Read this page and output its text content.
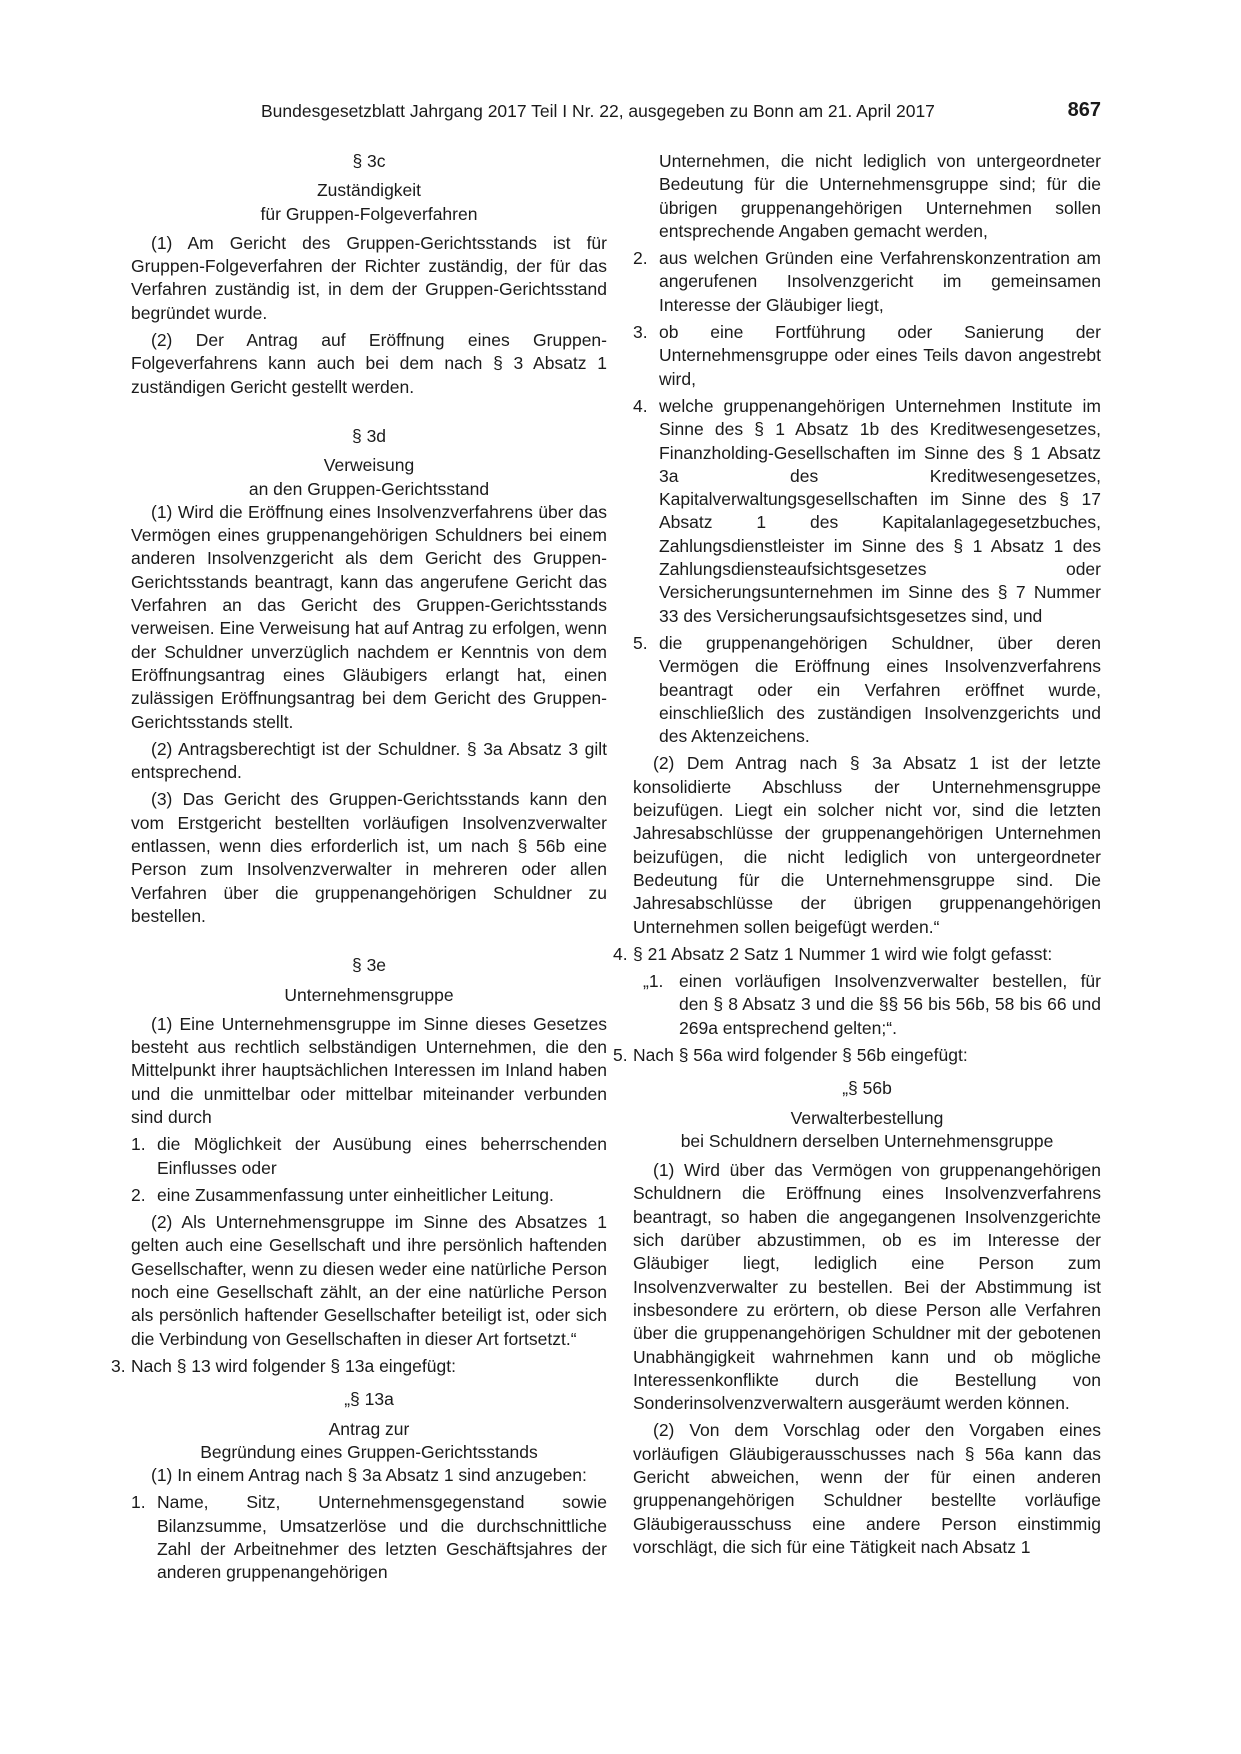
Bundesgesetzblatt Jahrgang 2017 Teil I Nr. 22, ausgegeben zu Bonn am 21. April 2017	867
§ 3c
Zuständigkeit
für Gruppen-Folgeverfahren

(1) Am Gericht des Gruppen-Gerichtsstands ist für Gruppen-Folgeverfahren der Richter zuständig, der für das Verfahren zuständig ist, in dem der Gruppen-Gerichtsstand begründet wurde.

(2) Der Antrag auf Eröffnung eines Gruppen-Folgeverfahrens kann auch bei dem nach § 3 Absatz 1 zuständigen Gericht gestellt werden.

§ 3d
Verweisung
an den Gruppen-Gerichtsstand

(1) Wird die Eröffnung eines Insolvenzverfahrens über das Vermögen eines gruppenangehörigen Schuldners bei einem anderen Insolvenzgericht als dem Gericht des Gruppen-Gerichtsstands beantragt, kann das angerufene Gericht das Verfahren an das Gericht des Gruppen-Gerichtsstands verweisen. Eine Verweisung hat auf Antrag zu erfolgen, wenn der Schuldner unverzüglich nachdem er Kenntnis von dem Eröffnungsantrag eines Gläubigers erlangt hat, einen zulässigen Eröffnungsantrag bei dem Gericht des Gruppen-Gerichtsstands stellt.

(2) Antragsberechtigt ist der Schuldner. § 3a Absatz 3 gilt entsprechend.

(3) Das Gericht des Gruppen-Gerichtsstands kann den vom Erstgericht bestellten vorläufigen Insolvenzverwalter entlassen, wenn dies erforderlich ist, um nach § 56b eine Person zum Insolvenzverwalter in mehreren oder allen Verfahren über die gruppenangehörigen Schuldner zu bestellen.

§ 3e
Unternehmensgruppe

(1) Eine Unternehmensgruppe im Sinne dieses Gesetzes besteht aus rechtlich selbständigen Unternehmen, die den Mittelpunkt ihrer hauptsächlichen Interessen im Inland haben und die unmittelbar oder mittelbar miteinander verbunden sind durch

1. die Möglichkeit der Ausübung eines beherrschenden Einflusses oder
2. eine Zusammenfassung unter einheitlicher Leitung.

(2) Als Unternehmensgruppe im Sinne des Absatzes 1 gelten auch eine Gesellschaft und ihre persönlich haftenden Gesellschafter, wenn zu diesen weder eine natürliche Person noch eine Gesellschaft zählt, an der eine natürliche Person als persönlich haftender Gesellschafter beteiligt ist, oder sich die Verbindung von Gesellschaften in dieser Art fortsetzt.“

3. Nach § 13 wird folgender § 13a eingefügt:
„§ 13a
Antrag zur
Begründung eines Gruppen-Gerichtsstands

(1) In einem Antrag nach § 3a Absatz 1 sind anzugeben:

1. Name, Sitz, Unternehmensgegenstand sowie Bilanzsumme, Umsatzerlöse und die durchschnittliche Zahl der Arbeitnehmer des letzten Geschäftsjahres der anderen gruppenangehörigen
Unternehmen, die nicht lediglich von untergeordneter Bedeutung für die Unternehmensgruppe sind; für die übrigen gruppenangehörigen Unternehmen sollen entsprechende Angaben gemacht werden,
2. aus welchen Gründen eine Verfahrenskonzentration am angerufenen Insolvenzgericht im gemeinsamen Interesse der Gläubiger liegt,
3. ob eine Fortführung oder Sanierung der Unternehmensgruppe oder eines Teils davon angestrebt wird,
4. welche gruppenangehörigen Unternehmen Institute im Sinne des § 1 Absatz 1b des Kreditwesengesetzes, Finanzholding-Gesellschaften im Sinne des § 1 Absatz 3a des Kreditwesengesetzes, Kapitalverwaltungsgesellschaften im Sinne des § 17 Absatz 1 des Kapitalanlagegesetzbuches, Zahlungsdienstleister im Sinne des § 1 Absatz 1 des Zahlungsdiensteaufsichtsgesetzes oder Versicherungsunternehmen im Sinne des § 7 Nummer 33 des Versicherungsaufsichtsgesetzes sind, und
5. die gruppenangehörigen Schuldner, über deren Vermögen die Eröffnung eines Insolvenzverfahrens beantragt oder ein Verfahren eröffnet wurde, einschließlich des zuständigen Insolvenzgerichts und des Aktenzeichens.

(2) Dem Antrag nach § 3a Absatz 1 ist der letzte konsolidierte Abschluss der Unternehmensgruppe beizufügen. Liegt ein solcher nicht vor, sind die letzten Jahresabschlüsse der gruppenangehörigen Unternehmen beizufügen, die nicht lediglich von untergeordneter Bedeutung für die Unternehmensgruppe sind. Die Jahresabschlüsse der übrigen gruppenangehörigen Unternehmen sollen beigefügt werden.“

4. § 21 Absatz 2 Satz 1 Nummer 1 wird wie folgt gefasst:
„1. einen vorläufigen Insolvenzverwalter bestellen, für den § 8 Absatz 3 und die §§ 56 bis 56b, 58 bis 66 und 269a entsprechend gelten;“.
5. Nach § 56a wird folgender § 56b eingefügt:
„§ 56b
Verwalterbestellung
bei Schuldnern derselben Unternehmensgruppe

(1) Wird über das Vermögen von gruppenangehörigen Schuldnern die Eröffnung eines Insolvenzverfahrens beantragt, so haben die angegangenen Insolvenzgerichte sich darüber abzustimmen, ob es im Interesse der Gläubiger liegt, lediglich eine Person zum Insolvenzverwalter zu bestellen. Bei der Abstimmung ist insbesondere zu erörtern, ob diese Person alle Verfahren über die gruppenangehörigen Schuldner mit der gebotenen Unabhängigkeit wahrnehmen kann und ob mögliche Interessenkonflikte durch die Bestellung von Sonderinsolvenzverwaltern ausgeräumt werden können.

(2) Von dem Vorschlag oder den Vorgaben eines vorläufigen Gläubigerausschusses nach § 56a kann das Gericht abweichen, wenn der für einen anderen gruppenangehörigen Schuldner bestellte vorläufige Gläubigerausschuss eine andere Person einstimmig vorschlägt, die sich für eine Tätigkeit nach Absatz 1
